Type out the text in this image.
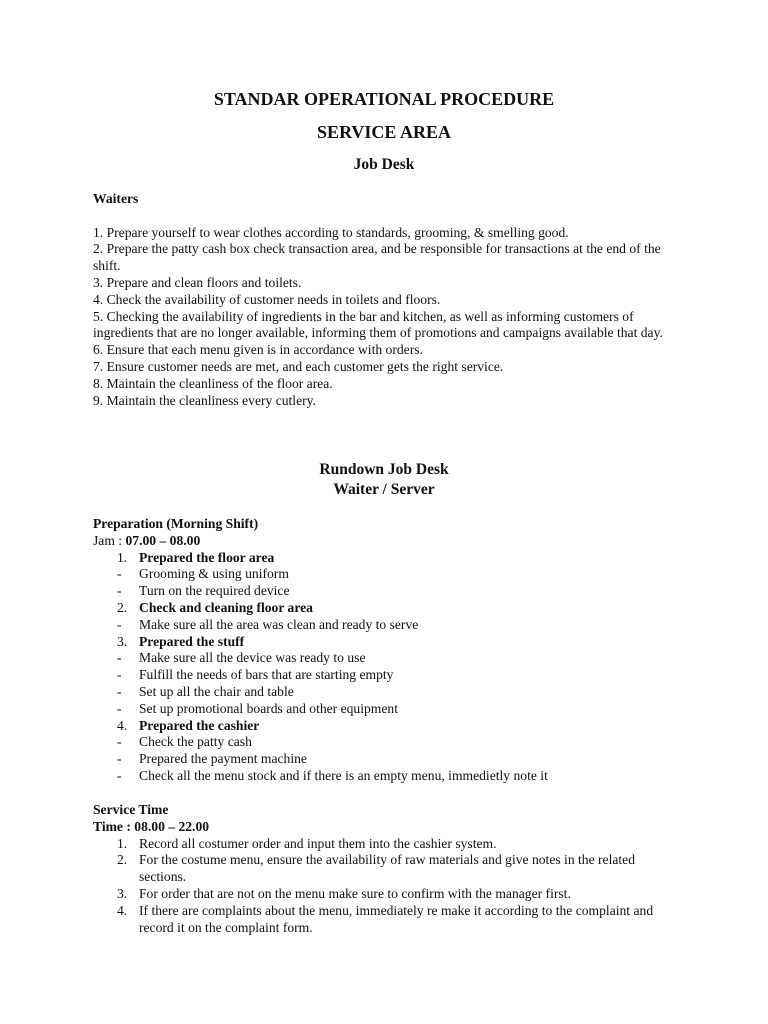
STANDAR OPERATIONAL PROCEDURE

SERVICE AREA

Job Desk

Waiters
1. Prepare yourself to wear clothes according to standards, grooming, & smelling good.
2. Prepare the patty cash box check transaction area, and be responsible for transactions at the end of the shift.
3. Prepare and clean floors and toilets.
4. Check the availability of customer needs in toilets and floors.
5. Checking the availability of ingredients in the bar and kitchen, as well as informing customers of ingredients that are no longer available, informing them of promotions and campaigns available that day.
6. Ensure that each menu given is in accordance with orders.
7. Ensure customer needs are met, and each customer gets the right service.
8. Maintain the cleanliness of the floor area.
9. Maintain the cleanliness every cutlery.

Rundown Job Desk

Waiter / Server

Preparation (Morning Shift)
Jam : 07.00 – 08.00
1. Prepared the floor area
-	Grooming & using uniform
-	Turn on the required device
2. Check and cleaning floor area
-	Make sure all the area was clean and ready to serve
3. Prepared the stuff
-	Make sure all the device was ready to use
-	Fulfill the needs of bars that are starting empty
-	Set up all the chair and table
-	Set up promotional boards and other equipment
4. Prepared the cashier
-	Check the patty cash
-	Prepared the payment machine
-	Check all the menu stock and if there is an empty menu, immedietly note it
Service Time
Time : 08.00 – 22.00
1. Record all costumer order and input them into the cashier system.
2. For the costume menu, ensure the availability of raw materials and give notes in the related sections.
3. For order that are not on the menu make sure to confirm with the manager first.
4. If there are complaints about the menu, immediately re make it according to the complaint and record it on the complaint form.
